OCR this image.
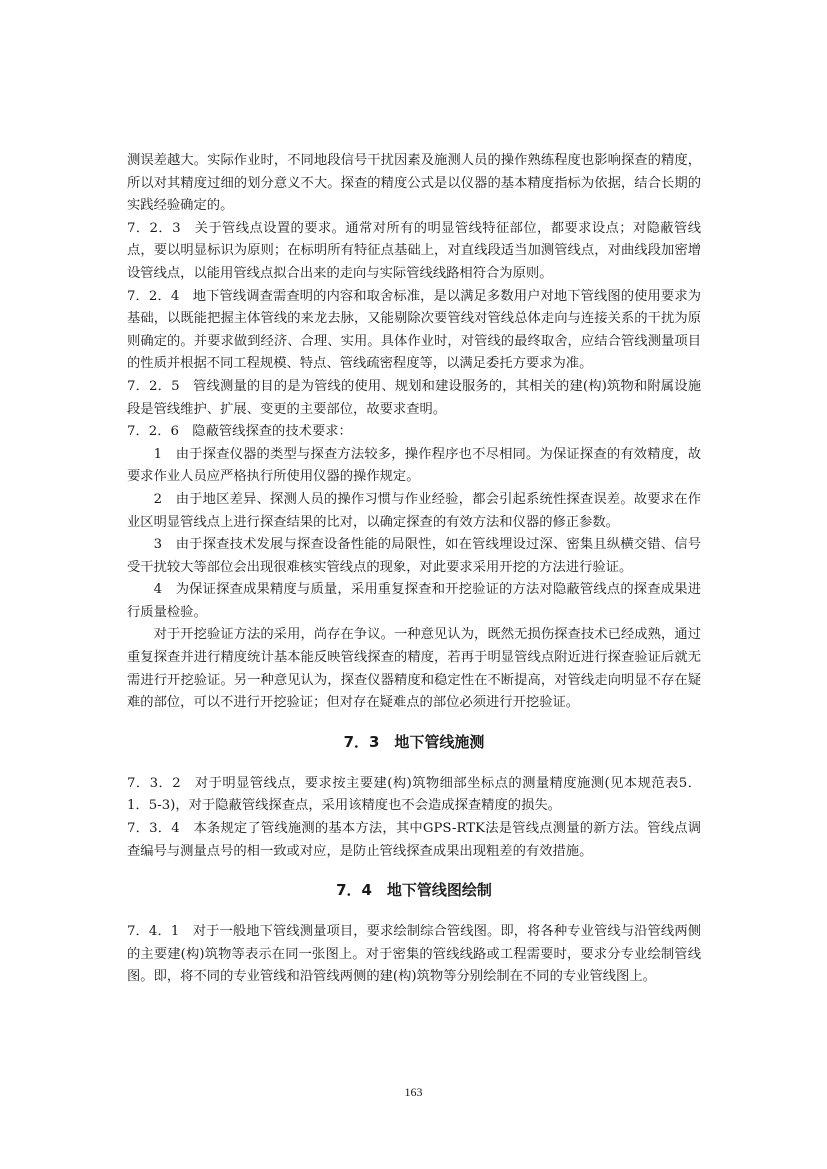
测误差越大。实际作业时，不同地段信号干扰因素及施测人员的操作熟练程度也影响探查的精度，所以对其精度过细的划分意义不大。探查的精度公式是以仪器的基本精度指标为依据，结合长期的实践经验确定的。

7．2．3　关于管线点设置的要求。通常对所有的明显管线特征部位，都要求设点；对隐蔽管线点，要以明显标识为原则；在标明所有特征点基础上，对直线段适当加测管线点，对曲线段加密增设管线点，以能用管线点拟合出来的走向与实际管线线路相符合为原则。

7．2．4　地下管线调查需查明的内容和取舍标准，是以满足多数用户对地下管线图的使用要求为基础，以既能把握主体管线的来龙去脉，又能剔除次要管线对管线总体走向与连接关系的干扰为原则确定的。并要求做到经济、合理、实用。具体作业时，对管线的最终取舍，应结合管线测量项目的性质并根据不同工程规模、特点、管线疏密程度等，以满足委托方要求为准。

7．2．5　管线测量的目的是为管线的使用、规划和建设服务的，其相关的建(构)筑物和附属设施段是管线维护、扩展、变更的主要部位，故要求查明。

7．2．6　隐蔽管线探查的技术要求：

1　由于探查仪器的类型与探查方法较多，操作程序也不尽相同。为保证探查的有效精度，故要求作业人员应严格执行所使用仪器的操作规定。

2　由于地区差异、探测人员的操作习惯与作业经验，都会引起系统性探查误差。故要求在作业区明显管线点上进行探查结果的比对，以确定探查的有效方法和仪器的修正参数。

3　由于探查技术发展与探查设备性能的局限性，如在管线埋设过深、密集且纵横交错、信号受干扰较大等部位会出现很难核实管线点的现象，对此要求采用开挖的方法进行验证。

4　为保证探查成果精度与质量，采用重复探查和开挖验证的方法对隐蔽管线点的探查成果进行质量检验。

对于开挖验证方法的采用，尚存在争议。一种意见认为，既然无损伤探查技术已经成熟，通过重复探查并进行精度统计基本能反映管线探查的精度，若再于明显管线点附近进行探查验证后就无需进行开挖验证。另一种意见认为，探查仪器精度和稳定性在不断提高，对管线走向明显不存在疑难的部位，可以不进行开挖验证；但对存在疑难点的部位必须进行开挖验证。

7．3　地下管线施测

7．3．2　对于明显管线点，要求按主要建(构)筑物细部坐标点的测量精度施测(见本规范表5．1．5-3)，对于隐蔽管线探查点，采用该精度也不会造成探查精度的损失。

7．3．4　本条规定了管线施测的基本方法，其中GPS-RTK法是管线点测量的新方法。管线点调查编号与测量点号的相一致或对应，是防止管线探查成果出现粗差的有效措施。

7．4　地下管线图绘制

7．4．1　对于一般地下管线测量项目，要求绘制综合管线图。即，将各种专业管线与沿管线两侧的主要建(构)筑物等表示在同一张图上。对于密集的管线线路或工程需要时，要求分专业绘制管线图。即，将不同的专业管线和沿管线两侧的建(构)筑物等分别绘制在不同的专业管线图上。

163
